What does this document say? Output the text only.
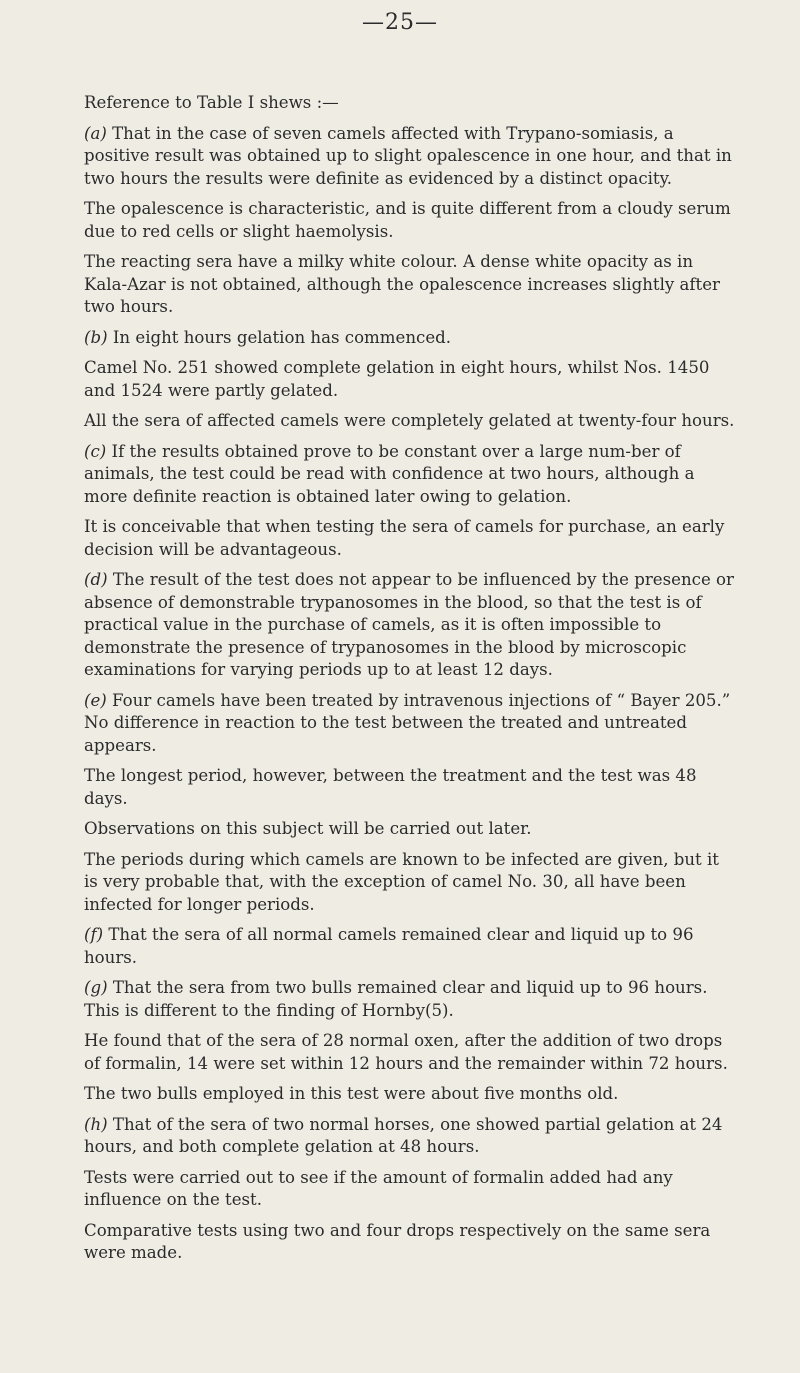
—25—

Reference to Table I shews :—

(a) That in the case of seven camels affected with Trypano-somiasis, a positive result was obtained up to slight opalescence in one hour, and that in two hours the results were definite as evidenced by a distinct opacity.

The opalescence is characteristic, and is quite different from a cloudy serum due to red cells or slight haemolysis.

The reacting sera have a milky white colour. A dense white opacity as in Kala-Azar is not obtained, although the opalescence increases slightly after two hours.

(b) In eight hours gelation has commenced.

Camel No. 251 showed complete gelation in eight hours, whilst Nos. 1450 and 1524 were partly gelated.

All the sera of affected camels were completely gelated at twenty-four hours.

(c) If the results obtained prove to be constant over a large num-ber of animals, the test could be read with confidence at two hours, although a more definite reaction is obtained later owing to gelation.

It is conceivable that when testing the sera of camels for purchase, an early decision will be advantageous.

(d) The result of the test does not appear to be influenced by the presence or absence of demonstrable trypanosomes in the blood, so that the test is of practical value in the purchase of camels, as it is often impossible to demonstrate the presence of trypanosomes in the blood by microscopic examinations for varying periods up to at least 12 days.

(e) Four camels have been treated by intravenous injections of “ Bayer 205.” No difference in reaction to the test between the treated and untreated appears.

The longest period, however, between the treatment and the test was 48 days.

Observations on this subject will be carried out later.

The periods during which camels are known to be infected are given, but it is very probable that, with the exception of camel No. 30, all have been infected for longer periods.

(f) That the sera of all normal camels remained clear and liquid up to 96 hours.

(g) That the sera from two bulls remained clear and liquid up to 96 hours. This is different to the finding of Hornby(5).

He found that of the sera of 28 normal oxen, after the addition of two drops of formalin, 14 were set within 12 hours and the remainder within 72 hours.

The two bulls employed in this test were about five months old.

(h) That of the sera of two normal horses, one showed partial gelation at 24 hours, and both complete gelation at 48 hours.

Tests were carried out to see if the amount of formalin added had any influence on the test.

Comparative tests using two and four drops respectively on the same sera were made.
